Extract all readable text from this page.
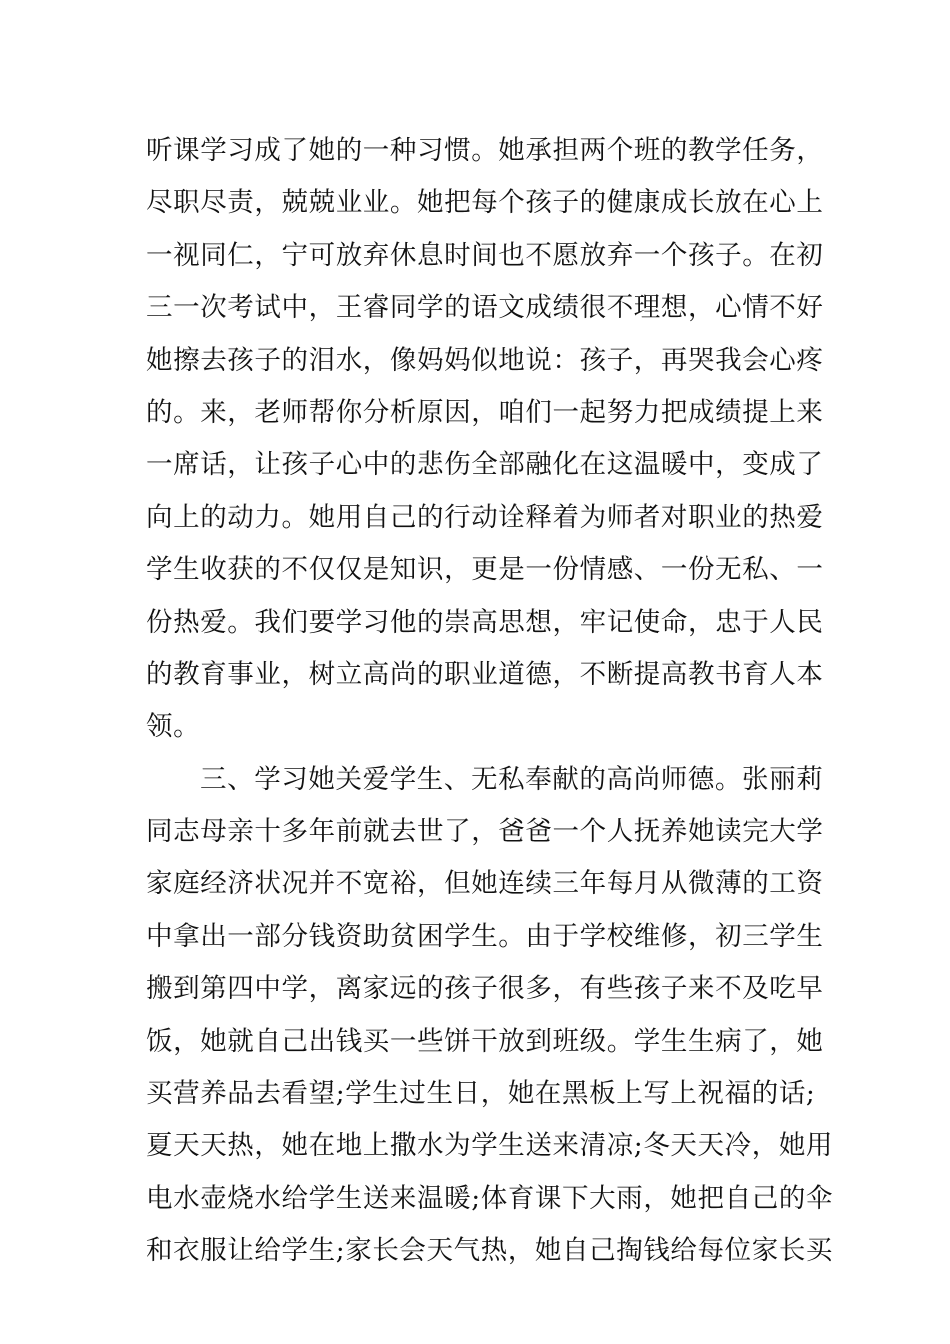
听课学习成了她的一种习惯。她承担两个班的教学任务，
尽职尽责，兢兢业业。她把每个孩子的健康成长放在心上
一视同仁，宁可放弃休息时间也不愿放弃一个孩子。在初
三一次考试中，王睿同学的语文成绩很不理想，心情不好
她擦去孩子的泪水，像妈妈似地说：孩子，再哭我会心疼
的。来，老师帮你分析原因，咱们一起努力把成绩提上来
一席话，让孩子心中的悲伤全部融化在这温暖中，变成了
向上的动力。她用自己的行动诠释着为师者对职业的热爱
学生收获的不仅仅是知识，更是一份情感、一份无私、一
份热爱。我们要学习他的崇高思想，牢记使命，忠于人民
的教育事业，树立高尚的职业道德，不断提高教书育人本
领。
三、学习她关爱学生、无私奉献的高尚师德。张丽莉
同志母亲十多年前就去世了，爸爸一个人抚养她读完大学
家庭经济状况并不宽裕，但她连续三年每月从微薄的工资
中拿出一部分钱资助贫困学生。由于学校维修，初三学生
搬到第四中学，离家远的孩子很多，有些孩子来不及吃早
饭，她就自己出钱买一些饼干放到班级。学生生病了，她
买营养品去看望;学生过生日，她在黑板上写上祝福的话;
夏天天热，她在地上撒水为学生送来清凉;冬天天冷，她用
电水壶烧水给学生送来温暖;体育课下大雨，她把自己的伞
和衣服让给学生;家长会天气热，她自己掏钱给每位家长买
